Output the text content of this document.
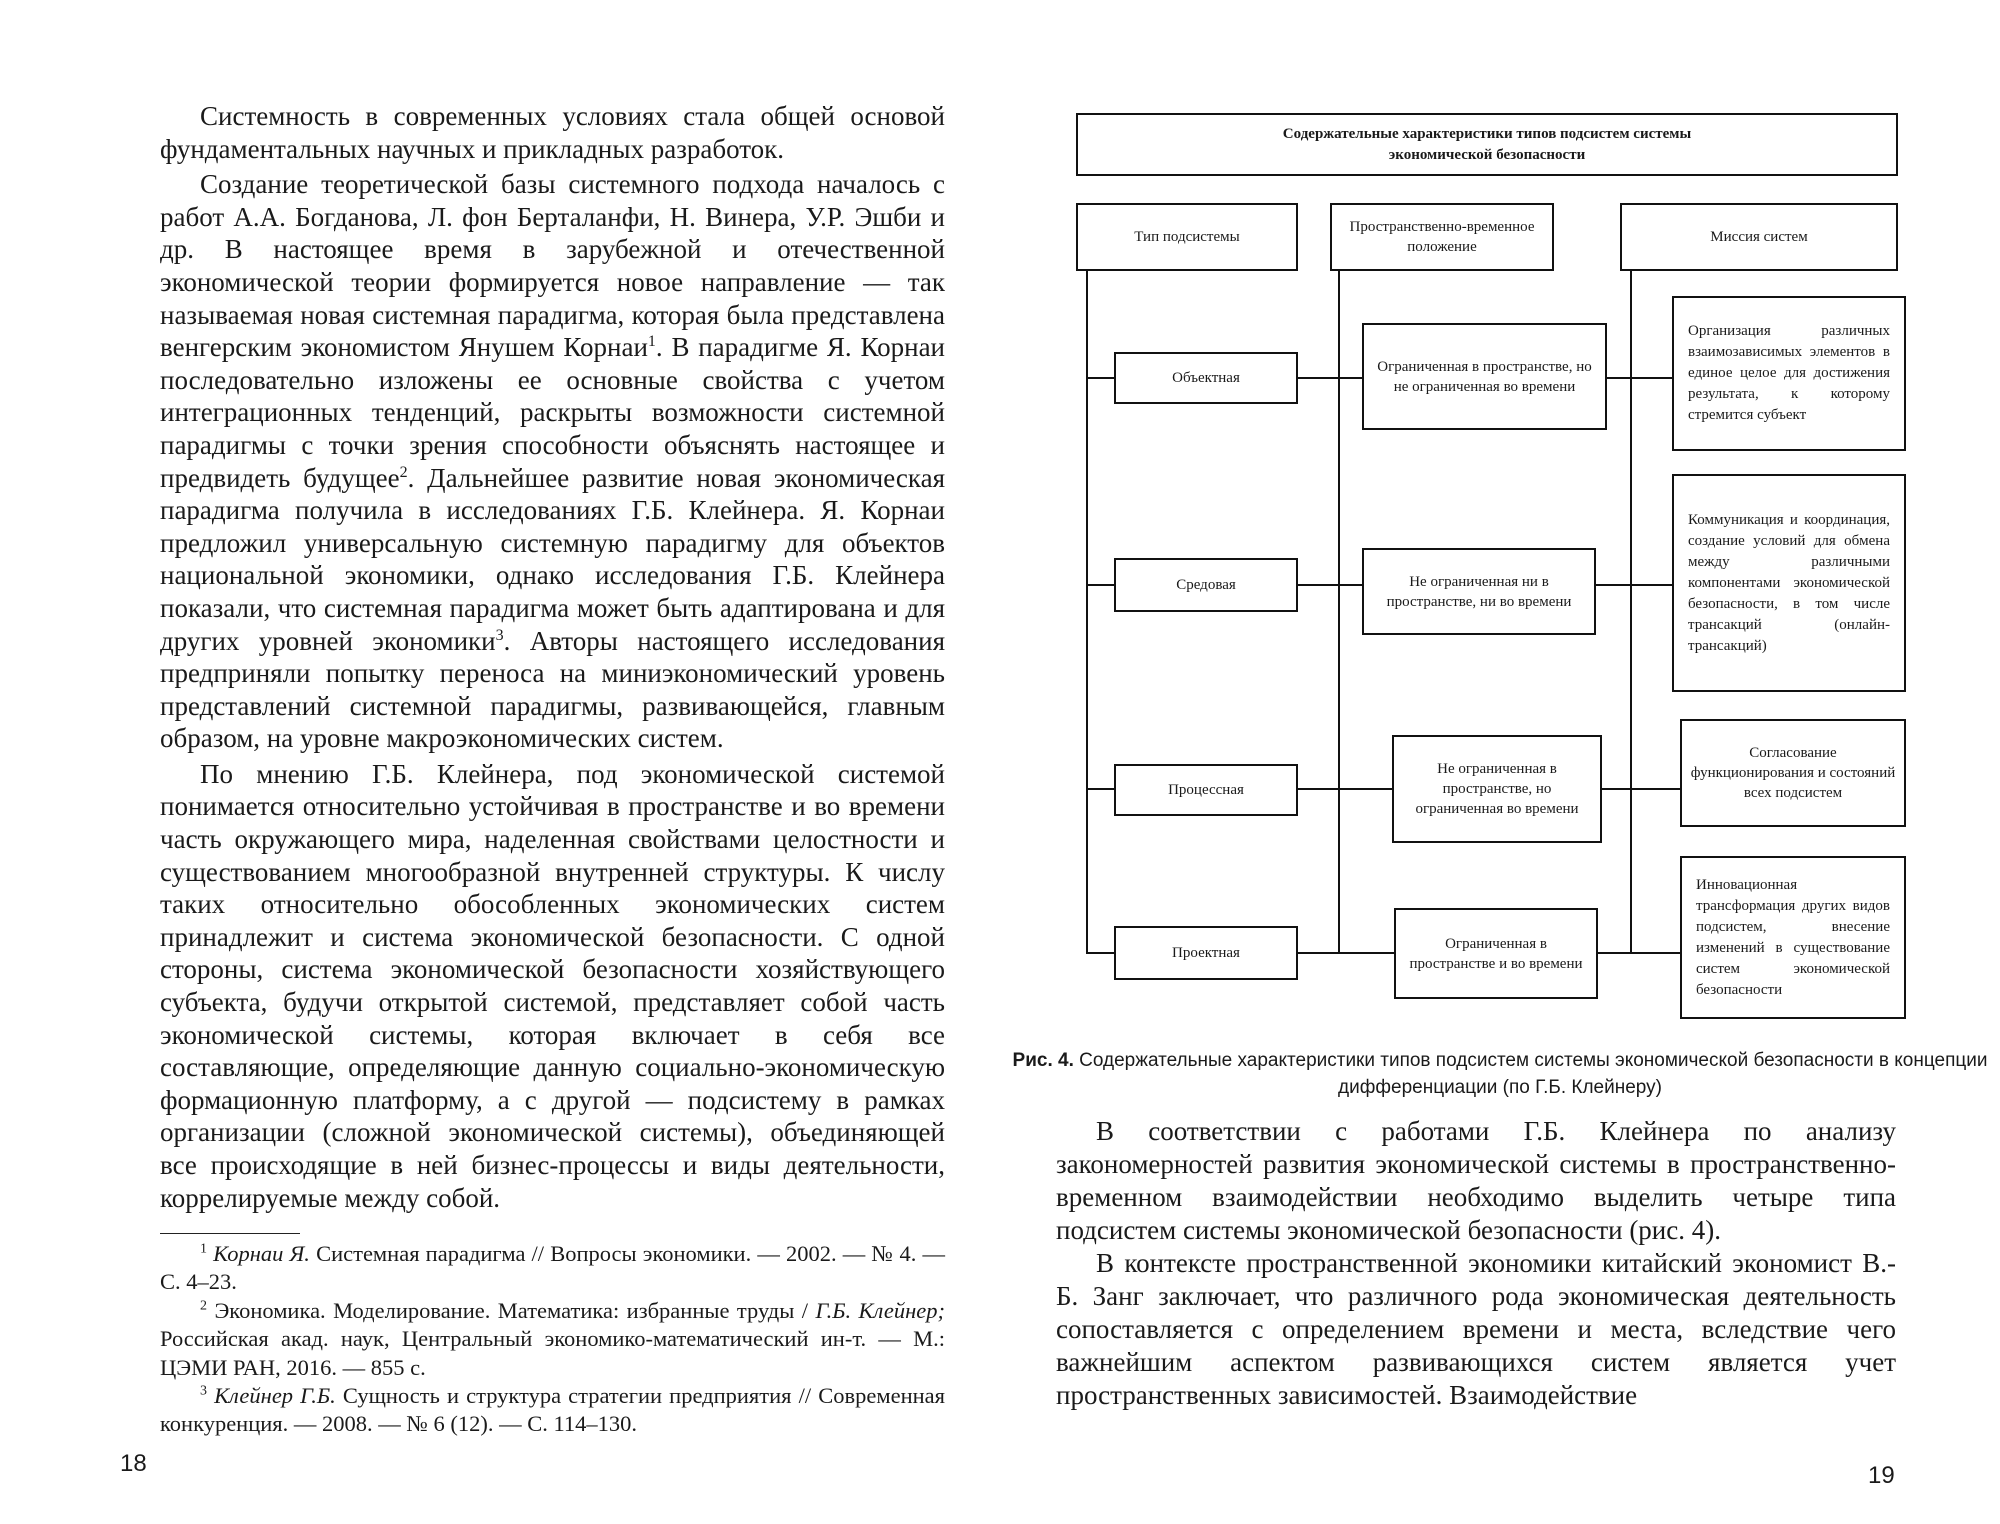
Системность в современных условиях стала общей основой фундаментальных научных и прикладных разработок.

Создание теоретической базы системного подхода началось с работ А.А. Богданова, Л. фон Берталанфи, Н. Винера, У.Р. Эшби и др. В настоящее время в зарубежной и отечественной экономической теории формируется новое направление — так называемая новая системная парадигма, которая была представлена венгерским экономистом Янушем Корнаи$^1$. В парадигме Я. Корнаи последовательно изложены ее основные свойства с учетом интеграционных тенденций, раскрыты возможности системной парадигмы с точки зрения способности объяснять настоящее и предвидеть будущее$^2$. Дальнейшее развитие новая экономическая парадигма получила в исследованиях Г.Б. Клейнера. Я. Корнаи предложил универсальную системную парадигму для объектов национальной экономики, однако исследования Г.Б. Клейнера показали, что системная парадигма может быть адаптирована и для других уровней экономики$^3$. Авторы настоящего исследования предприняли попытку переноса на миниэкономический уровень представлений системной парадигмы, развивающейся, главным образом, на уровне макроэкономических систем.

По мнению Г.Б. Клейнера, под экономической системой понимается относительно устойчивая в пространстве и во времени часть окружающего мира, наделенная свойствами целостности и существованием многообразной внутренней структуры. К числу таких относительно обособленных экономических систем принадлежит и система экономической безопасности. С одной стороны, система экономической безопасности хозяйствующего субъекта, будучи открытой системой, представляет собой часть экономической системы, которая включает в себя все составляющие, определяющие данную социально-экономическую формационную платформу, а с другой — подсистему в рамках организации (сложной экономической системы), объединяющей все происходящие в ней бизнес-процессы и виды деятельности, коррелируемые между собой.

$^1$ Корнаи Я. Системная парадигма // Вопросы экономики. — 2002. — № 4. — С. 4–23.

$^2$ Экономика. Моделирование. Математика: избранные труды / Г.Б. Клейнер; Российская акад. наук, Центральный экономико-математический ин-т. — М.: ЦЭМИ РАН, 2016. — 855 с.

$^3$ Клейнер Г.Б. Сущность и структура стратегии предприятия // Современная конкуренция. — 2008. — № 6 (12). — С. 114–130.

18
Содержательные характеристики типов подсистем системы
экономической безопасности
Тип подсистемы
Пространственно-временное положение
Миссия систем
Объектная
Средовая
Процессная
Проектная
Ограниченная в пространстве, но не ограниченная во времени
Не ограниченная ни в пространстве, ни во времени
Не ограниченная в пространстве, но ограниченная во времени
Ограниченная в пространстве и во времени
Организация различных взаимозависимых элементов в единое целое для достижения результата, к которому стремится субъект
Коммуникация и координация, создание условий для обмена между различными компонентами экономической безопасности, в том числе трансакций (онлайн-трансакций)
Согласование функционирования и состояний всех подсистем
Инновационная трансформация других видов подсистем, внесение изменений в существование систем экономической безопасности
Рис. 4. Содержательные характеристики типов подсистем системы экономической безопасности в концепции дифференциации (по Г.Б. Клейнеру)

В соответствии с работами Г.Б. Клейнера по анализу закономерностей развития экономической системы в пространственно-временном взаимодействии необходимо выделить четыре типа подсистем системы экономической безопасности (рис. 4).

В контексте пространственной экономики китайский экономист В.-Б. Занг заключает, что различного рода экономическая деятельность сопоставляется с определением времени и места, вследствие чего важнейшим аспектом развивающихся систем является учет пространственных зависимостей. Взаимодействие

19
